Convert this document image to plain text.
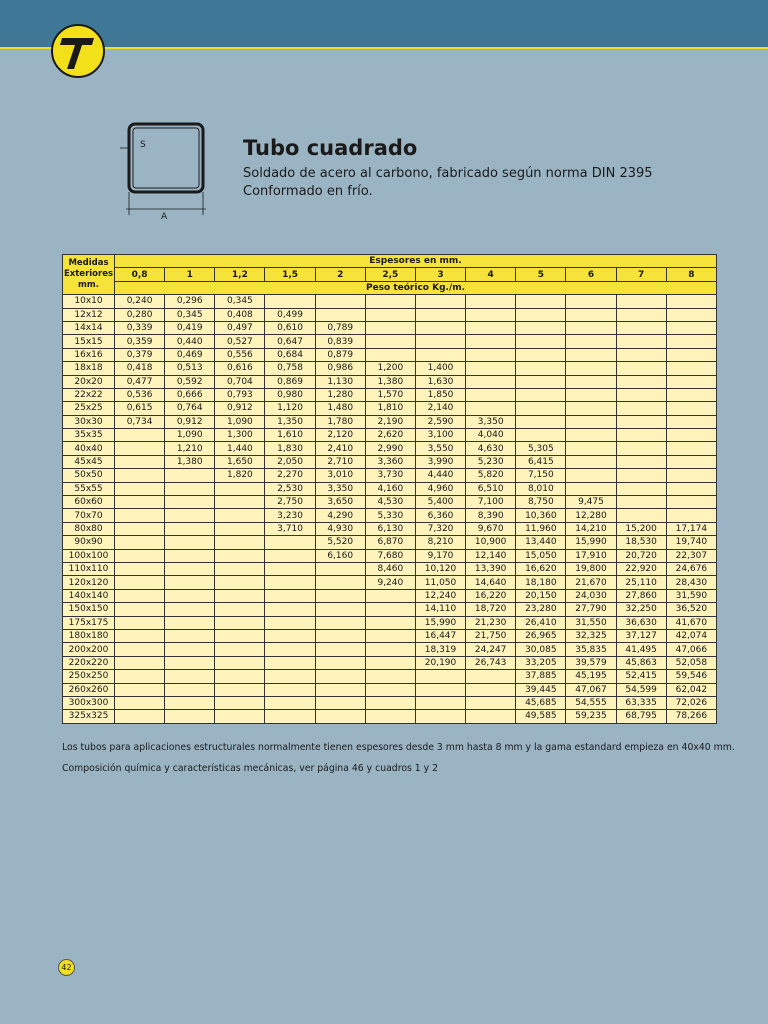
S
A
Tubo cuadrado
Soldado de acero al carbono, fabricado según norma DIN 2395
Conformado en frío.
Medidas Exteriores mm.	Espesores en mm.											
	0,8	1	1,2	1,5	2	2,5	3	4	5	6	7	8
	Peso teórico Kg./m.											
10x10	0,240	0,296	0,345									
12x12	0,280	0,345	0,408	0,499								
14x14	0,339	0,419	0,497	0,610	0,789							
15x15	0,359	0,440	0,527	0,647	0,839							
16x16	0,379	0,469	0,556	0,684	0,879							
18x18	0,418	0,513	0,616	0,758	0,986	1,200	1,400					
20x20	0,477	0,592	0,704	0,869	1,130	1,380	1,630					
22x22	0,536	0,666	0,793	0,980	1,280	1,570	1,850					
25x25	0,615	0,764	0,912	1,120	1,480	1,810	2,140					
30x30	0,734	0,912	1,090	1,350	1,780	2,190	2,590	3,350				
35x35		1,090	1,300	1,610	2,120	2,620	3,100	4,040				
40x40		1,210	1,440	1,830	2,410	2,990	3,550	4,630	5,305			
45x45		1,380	1,650	2,050	2,710	3,360	3,990	5,230	6,415			
50x50			1,820	2,270	3,010	3,730	4,440	5,820	7,150			
55x55				2,530	3,350	4,160	4,960	6,510	8,010			
60x60				2,750	3,650	4,530	5,400	7,100	8,750	9,475		
70x70				3,230	4,290	5,330	6,360	8,390	10,360	12,280		
80x80				3,710	4,930	6,130	7,320	9,670	11,960	14,210	15,200	17,174
90x90					5,520	6,870	8,210	10,900	13,440	15,990	18,530	19,740
100x100					6,160	7,680	9,170	12,140	15,050	17,910	20,720	22,307
110x110						8,460	10,120	13,390	16,620	19,800	22,920	24,676
120x120						9,240	11,050	14,640	18,180	21,670	25,110	28,430
140x140							12,240	16,220	20,150	24,030	27,860	31,590
150x150							14,110	18,720	23,280	27,790	32,250	36,520
175x175							15,990	21,230	26,410	31,550	36,630	41,670
180x180							16,447	21,750	26,965	32,325	37,127	42,074
200x200							18,319	24,247	30,085	35,835	41,495	47,066
220x220							20,190	26,743	33,205	39,579	45,863	52,058
250x250									37,885	45,195	52,415	59,546
260x260									39,445	47,067	54,599	62,042
300x300									45,685	54,555	63,335	72,026
325x325									49,585	59,235	68,795	78,266
Los tubos para aplicaciones estructurales normalmente tienen espesores desde 3 mm hasta 8 mm y la gama estandard empieza en 40x40 mm.
Composición química y características mecánicas, ver página 46 y cuadros 1 y 2
42
